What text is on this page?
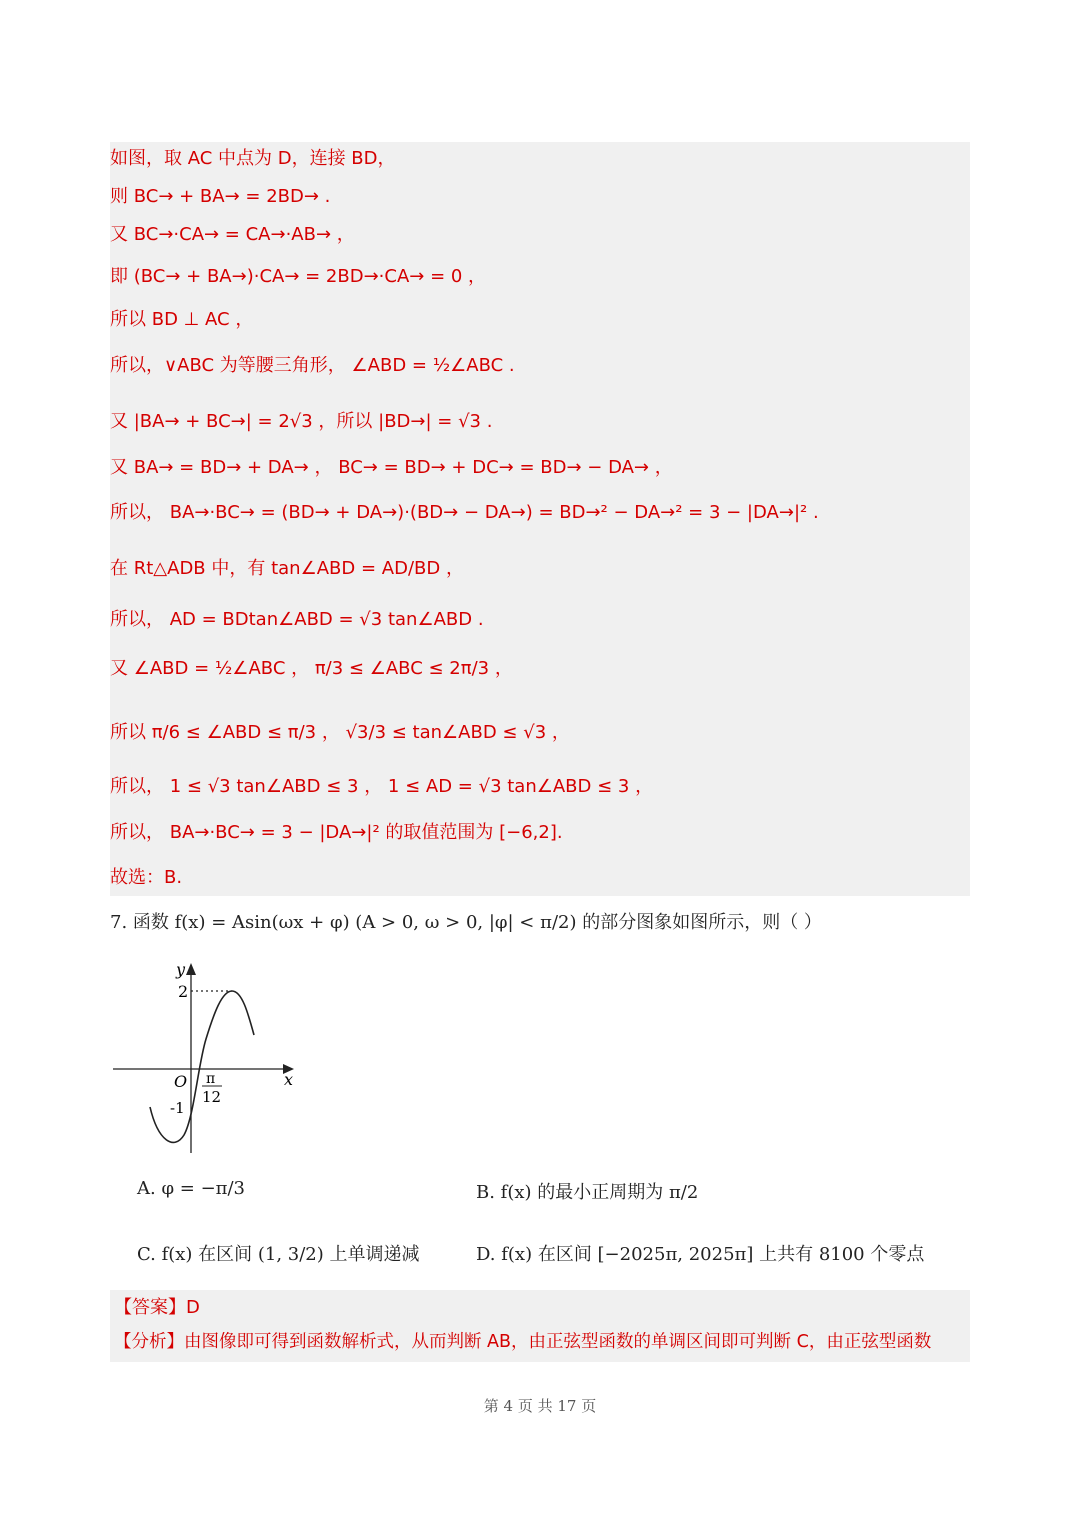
如图，取 AC 中点为 D，连接 BD，
则 BC→ + BA→ = 2BD→ .
又 BC→·CA→ = CA→·AB→ ，
即 (BC→ + BA→)·CA→ = 2BD→·CA→ = 0 ，
所以 BD ⊥ AC ，
所以，∨ABC 为等腰三角形， ∠ABD = ½∠ABC .
又 |BA→ + BC→| = 2√3 ，所以 |BD→| = √3 .
又 BA→ = BD→ + DA→ ， BC→ = BD→ + DC→ = BD→ − DA→ ，
所以， BA→·BC→ = (BD→ + DA→)·(BD→ − DA→) = BD→² − DA→² = 3 − |DA→|² .
在 Rt△ADB 中，有 tan∠ABD = AD/BD ，
所以， AD = BDtan∠ABD = √3 tan∠ABD .
又 ∠ABD = ½∠ABC ， π/3 ≤ ∠ABC ≤ 2π/3 ，
所以 π/6 ≤ ∠ABD ≤ π/3 ， √3/3 ≤ tan∠ABD ≤ √3 ，
所以， 1 ≤ √3 tan∠ABD ≤ 3 ， 1 ≤ AD = √3 tan∠ABD ≤ 3 ，
所以， BA→·BC→ = 3 − |DA→|² 的取值范围为 [−6,2].
故选：B.
7. 函数 f(x) = Asin(ωx + φ) (A > 0, ω > 0, |φ| < π/2) 的部分图象如图所示，则（ ）
y
x
O
2
-1
π
12
A. φ = −π/3	B. f(x) 的最小正周期为 π/2
C. f(x) 在区间 (1, 3/2) 上单调递减	D. f(x) 在区间 [−2025π, 2025π] 上共有 8100 个零点
【答案】D
【分析】由图像即可得到函数解析式，从而判断 AB，由正弦型函数的单调区间即可判断 C，由正弦型函数
第 4 页 共 17 页
